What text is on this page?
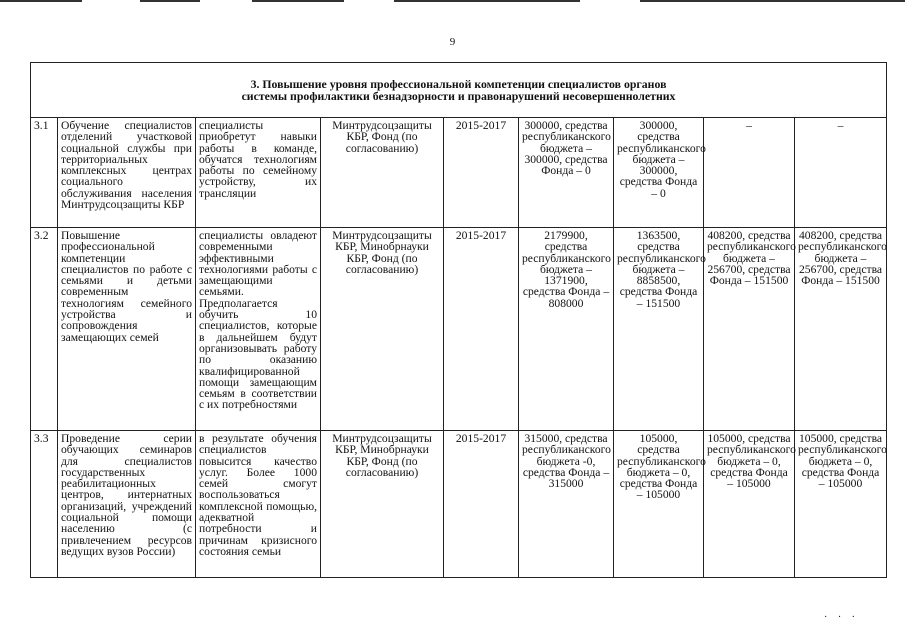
9
3. Повышение уровня профессиональной компетенции специалистов органов
системы профилактики безнадзорности и правонарушений несовершеннолетних								

3.1	Обучение специалистов отделений участковой социальной службы при территориальных комплексных центрах социального обслуживания населения Минтрудсоцзащиты КБР	специалисты приобретут навыки работы в команде, обучатся технологиям работы по семейному устройству, их трансляции	Минтрудсоцзащиты КБР, Фонд (по согласованию)	2015-2017	300000, средства республиканского бюджета – 300000, средства Фонда – 0	300000, средства республиканского бюджета – 300000, средства Фонда – 0	–	–
3.2	Повышение профессиональной компетенции специалистов по работе с семьями и детьми современным технологиям семейного устройства и сопровождения замещающих семей	специалисты овладеют современными эффективными технологиями работы с замещающими семьями. Предполагается обучить 10 специалистов, которые в дальнейшем будут организовывать работу по оказанию квалифицированной помощи замещающим семьям в соответствии с их потребностями	Минтрудсоцзащиты КБР, Минобрнауки КБР, Фонд (по согласованию)	2015-2017	2179900, средства республиканского бюджета – 1371900, средства Фонда – 808000	1363500, средства республиканского бюджета – 8858500, средства Фонда – 151500	408200, средства республиканского бюджета – 256700, средства Фонда – 151500	408200, средства республиканского бюджета – 256700, средства Фонда – 151500
3.3	Проведение серии обучающих семинаров для специалистов государственных реабилитационных центров, интернатных организаций, учреждений социальной помощи населению (с привлечением ресурсов ведущих вузов России)	в результате обучения специалистов повысится качество услуг. Более 1000 семей смогут воспользоваться комплексной помощью, адекватной потребности и причинам кризисного состояния семьи	Минтрудсоцзащиты КБР, Минобрнауки КБР, Фонд (по согласованию)	2015-2017	315000, средства республиканского бюджета -0, средства Фонда – 315000	105000, средства республиканского бюджета – 0, средства Фонда – 105000	105000, средства республиканского бюджета – 0, средства Фонда – 105000	105000, средства республиканского бюджета – 0, средства Фонда – 105000
· · ·
